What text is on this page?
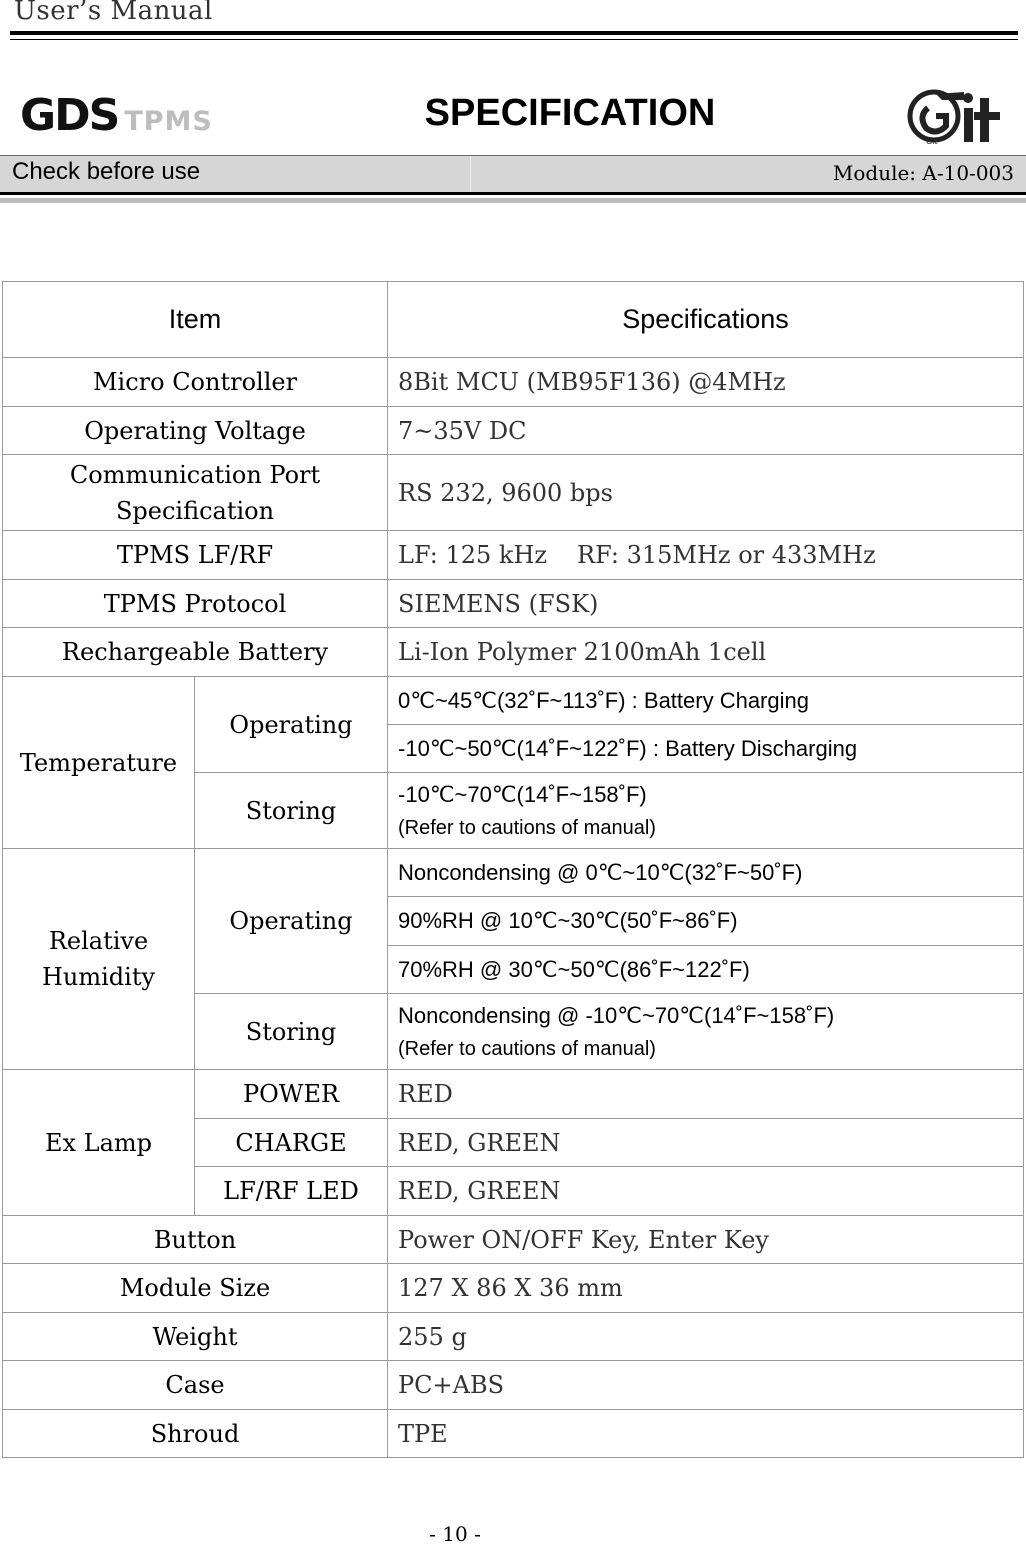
User’s Manual
GDS TPMS	SPECIFICATION
Git
Check before use	Module: A-10-003
Item		Specifications
Micro Controller		8Bit MCU (MB95F136) @4MHz
Operating Voltage		7~35V DC

Communication Port
Specification		RS 232, 9600 bps
TPMS LF/RF		LF: 125 kHz RF: 315MHz or 433MHz
TPMS Protocol		SIEMENS (FSK)
Rechargeable Battery		Li-Ion Polymer 2100mAh 1cell
Temperature	Operating	0℃~45℃(32˚F~113˚F) : Battery Charging
		-10℃~50℃(14˚F~122˚F) : Battery Discharging
	Storing	-10℃~70℃(14˚F~158˚F)
(Refer to cautions of manual)

Relative
Humidity	Operating	Noncondensing @ 0℃~10℃(32˚F~50˚F)
		90%RH @ 10℃~30℃(50˚F~86˚F)
		70%RH @ 30℃~50℃(86˚F~122˚F)
	Storing	Noncondensing @ -10℃~70℃(14˚F~158˚F)
(Refer to cautions of manual)

Ex Lamp	POWER	RED
	CHARGE	RED, GREEN
	LF/RF LED	RED, GREEN
Button		Power ON/OFF Key, Enter Key
Module Size		127 X 86 X 36 mm
Weight		255 g
Case		PC+ABS
Shroud		TPE
- 10 -
